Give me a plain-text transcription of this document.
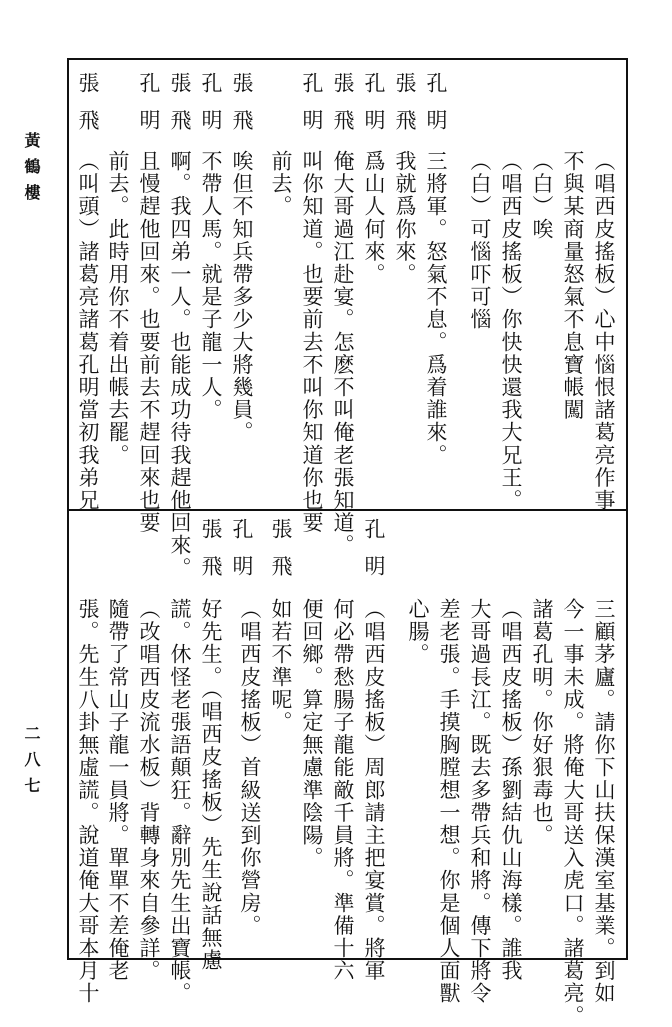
黃鶴樓
二八七
孔明
張飛
孔明
張飛
孔明
張飛
孔明
張飛
孔明
張飛
（唱西皮搖板）心中惱恨諸葛亮作事
不與某商量怒氣不息寶帳闖
（白）唉
（唱西皮搖板）你快快還我大兄王。
（白）可惱吓可惱
三將軍。怒氣不息。爲着誰來。
我就爲你來。
爲山人何來。
俺大哥過江赴宴。怎麽不叫俺老張知道。
叫你知道。也要前去不叫你知道你也要
前去。
唉但不知兵帶多少大將幾員。
不帶人馬。就是子龍一人。
啊。我四弟一人。也能成功待我趕他回來。
且慢趕他回來。也要前去不趕回來也要
前去。此時用你不着出帳去罷。
（叫頭）諸葛亮諸葛孔明當初我弟兄
孔明
張飛
孔明
張飛
三顧茅廬。請你下山扶保漢室基業。到如
今一事未成。將俺大哥送入虎口。諸葛亮。
諸葛孔明。你好狠毒也。
（唱西皮搖板）孫劉結仇山海樣。誰我
大哥過長江。既去多帶兵和將。傳下將令
差老張。手摸胸膛想一想。你是個人面獸
心腸。
（唱西皮搖板）周郎請主把宴賞。將軍
何必帶愁腸子龍能敵千員將。準備十六
便回鄉。算定無慮準陰陽。
如若不準呢。
（唱西皮搖板）首級送到你營房。
好先生。（唱西皮搖板）先生說話無慮
謊。休怪老張語顛狂。辭別先生出寶帳。
（改唱西皮流水板）背轉身來自參詳。
隨帶了常山子龍一員將。單單不差俺老
張。先生八卦無虛謊。說道俺大哥本月十
